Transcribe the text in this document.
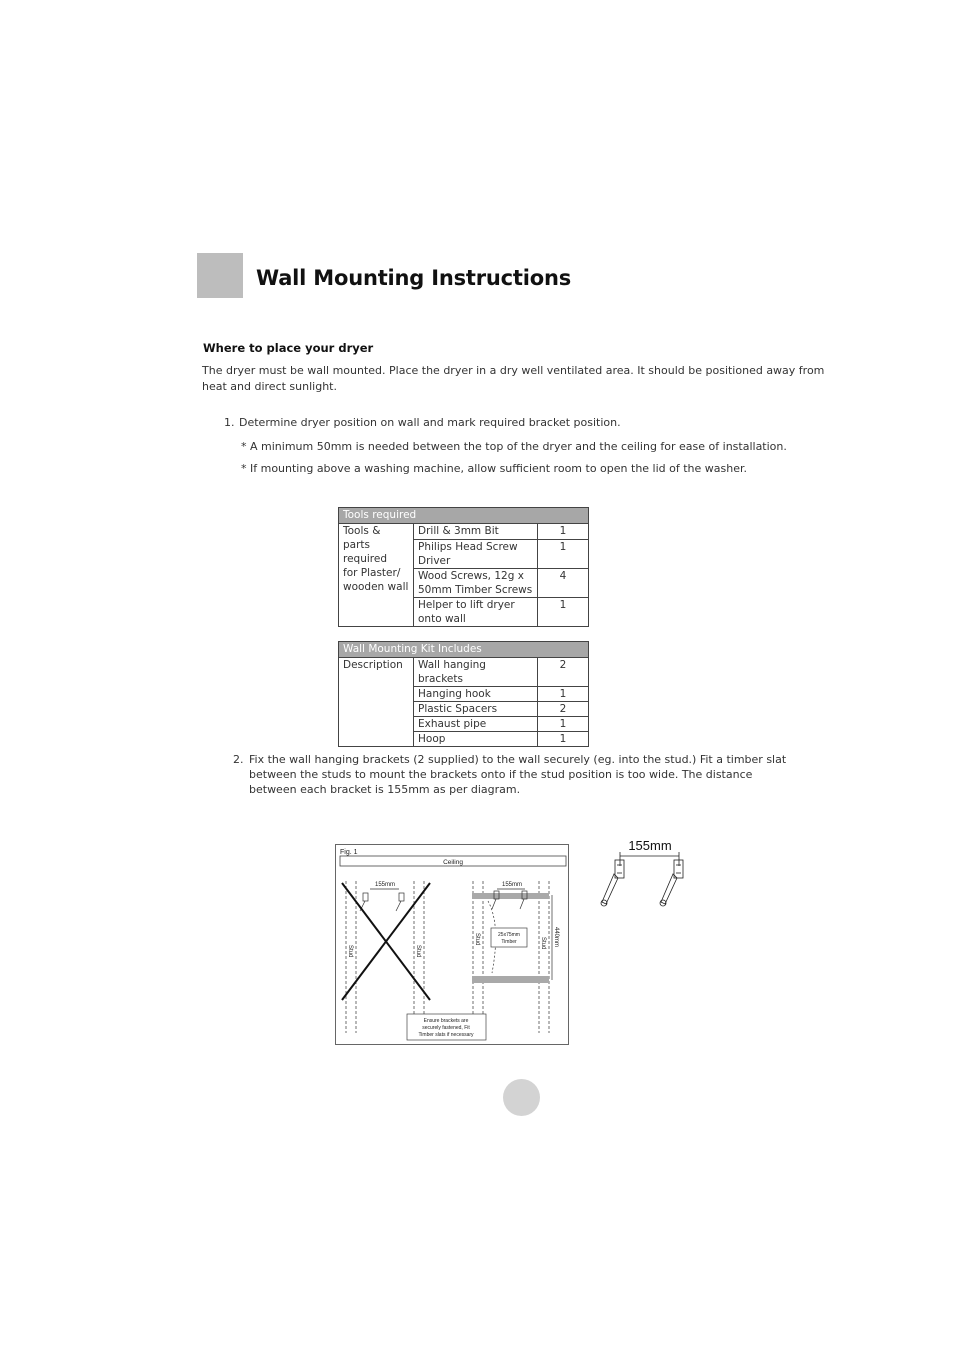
Wall Mounting Instructions
Where to place your dryer
The dryer must be wall mounted. Place the dryer in a dry well ventilated area. It should be positioned away from
heat and direct sunlight.
1. Determine dryer position on wall and mark required bracket position.
* A minimum 50mm is needed between the top of the dryer and the ceiling for ease of installation.
* If mounting above a washing machine, allow sufficient room to open the lid of the washer.
Tools required		

Tools & parts
required
for Plaster/
wooden wall	Drill & 3mm Bit	1

	Philips Head Screw
Driver	1

	Wood Screws, 12g x
50mm Timber Screws	4

	Helper to lift dryer
onto wall	1
Wall Mounting Kit Includes		
Description	Wall hanging brackets	2
	Hanging hook	1
	Plastic Spacers	2
	Exhaust pipe	1
	Hoop	1
2. Fix the wall hanging brackets (2 supplied) to the wall securely (eg. into the stud.) Fit a timber slat
between the studs to mount the brackets onto if the stud position is too wide. The distance
between each bracket is 155mm as per diagram.
Fig. 1
Ceiling
Stud	Stud
155mm	155mm
Stud	Stud
25x75mm
Timber	440mm
Ensure brackets are
securely fastened, Fit
Timber slats if necessary
155mm
